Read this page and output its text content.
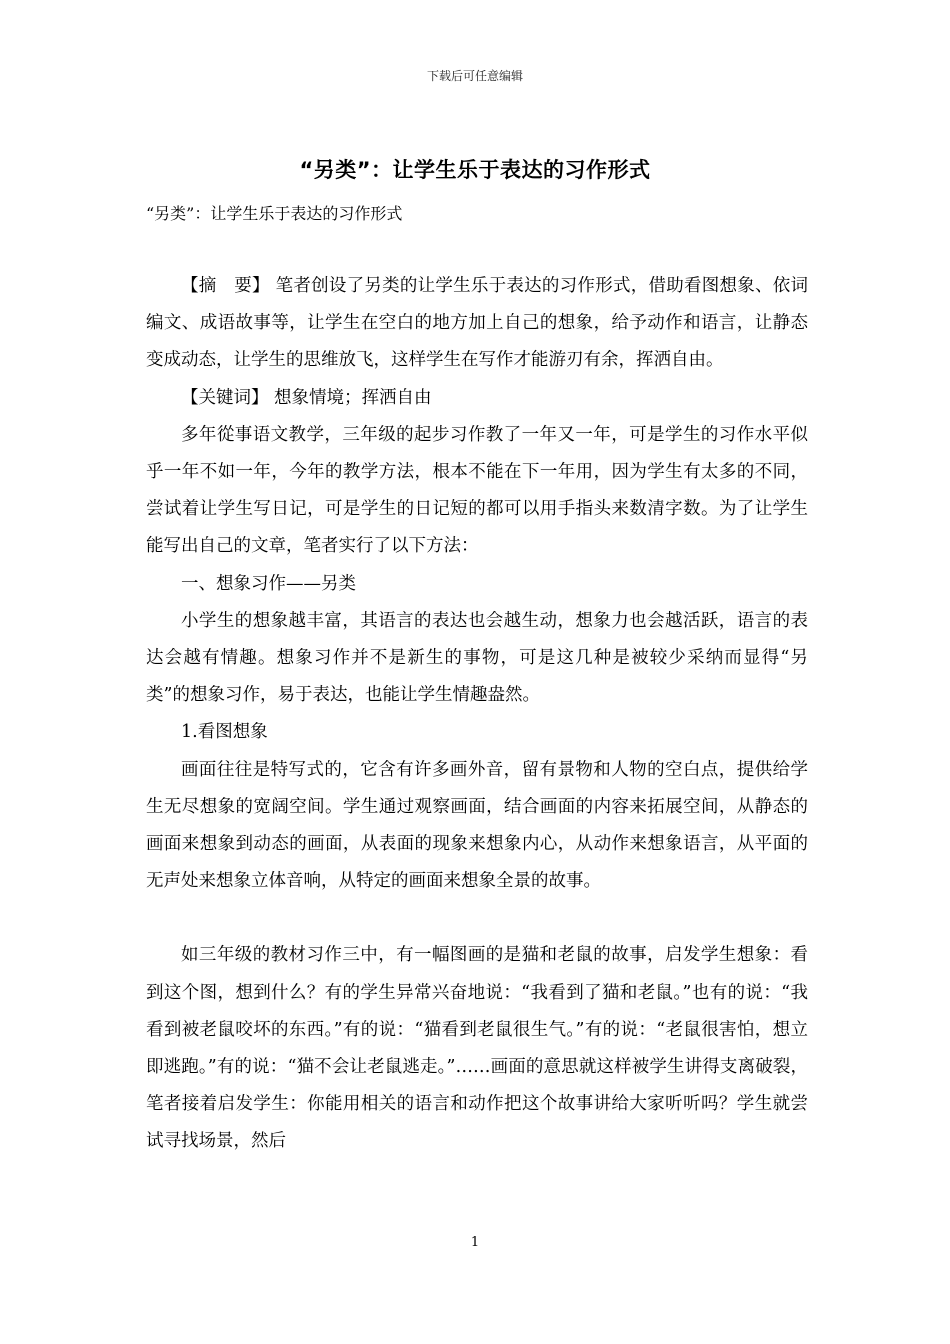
下载后可任意编辑
“另类”：让学生乐于表达的习作形式
“另类”：让学生乐于表达的习作形式

【摘　要】 笔者创设了另类的让学生乐于表达的习作形式，借助看图想象、依词编文、成语故事等，让学生在空白的地方加上自己的想象，给予动作和语言，让静态变成动态，让学生的思维放飞，这样学生在写作才能游刃有余，挥洒自由。

【关键词】 想象情境；挥洒自由

多年從事语文教学，三年级的起步习作教了一年又一年，可是学生的习作水平似乎一年不如一年，今年的教学方法，根本不能在下一年用，因为学生有太多的不同，尝试着让学生写日记，可是学生的日记短的都可以用手指头来数清字数。为了让学生能写出自己的文章，笔者实行了以下方法：

一、想象习作——另类

小学生的想象越丰富，其语言的表达也会越生动，想象力也会越活跃，语言的表达会越有情趣。想象习作并不是新生的事物，可是这几种是被较少采纳而显得“另类”的想象习作，易于表达，也能让学生情趣盎然。

1.看图想象

画面往往是特写式的，它含有许多画外音，留有景物和人物的空白点，提供给学生无尽想象的宽阔空间。学生通过观察画面，结合画面的内容来拓展空间，从静态的画面来想象到动态的画面，从表面的现象来想象内心，从动作来想象语言，从平面的无声处来想象立体音响，从特定的画面来想象全景的故事。

如三年级的教材习作三中，有一幅图画的是猫和老鼠的故事，启发学生想象：看到这个图，想到什么？有的学生异常兴奋地说：“我看到了猫和老鼠。”也有的说：“我看到被老鼠咬坏的东西。”有的说：“猫看到老鼠很生气。”有的说：“老鼠很害怕，想立即逃跑。”有的说：“猫不会让老鼠逃走。”……画面的意思就这样被学生讲得支离破裂，笔者接着启发学生：你能用相关的语言和动作把这个故事讲给大家听听吗？学生就尝试寻找场景，然后

1
